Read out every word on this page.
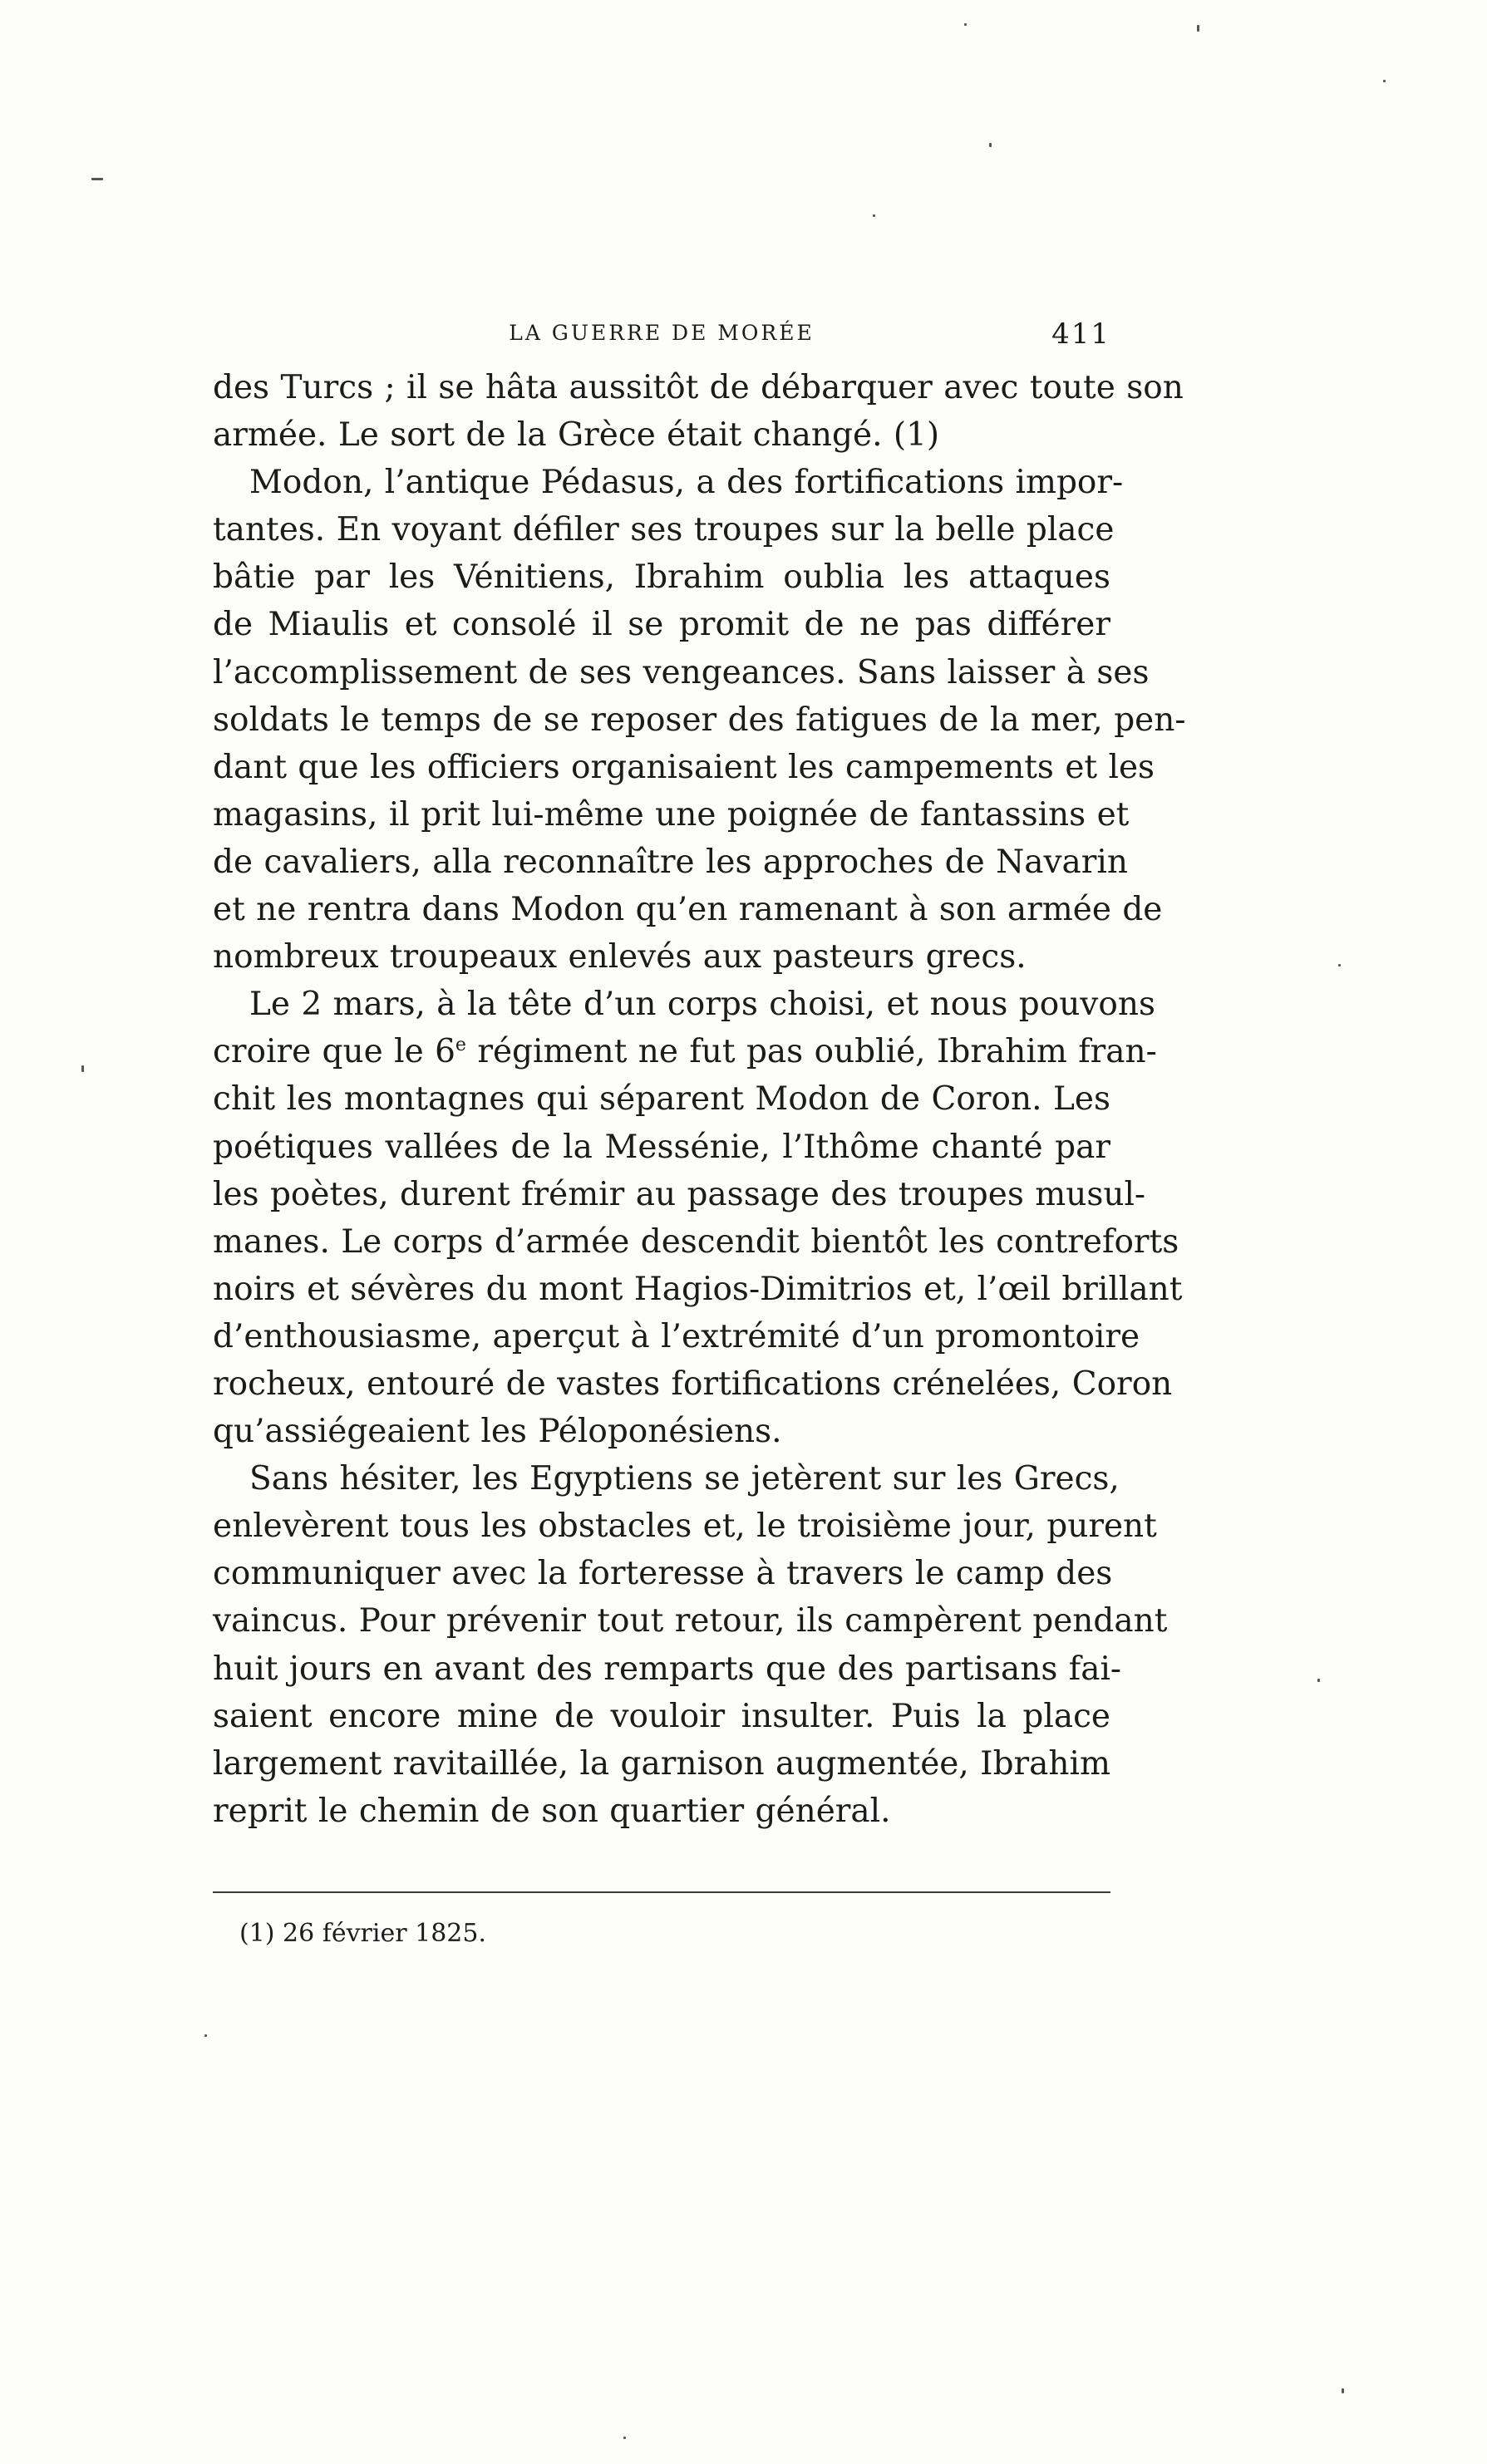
LA GUERRE DE MORÉE	411
des Turcs ; il se hâta aussitôt de débarquer avec toute son
armée. Le sort de la Grèce était changé. (1)
Modon, l’antique Pédasus, a des fortifications impor-
tantes. En voyant défiler ses troupes sur la belle place
bâtie par les Vénitiens, Ibrahim oublia les attaques
de Miaulis et consolé il se promit de ne pas différer
l’accomplissement de ses vengeances. Sans laisser à ses
soldats le temps de se reposer des fatigues de la mer, pen-
dant que les officiers organisaient les campements et les
magasins, il prit lui-même une poignée de fantassins et
de cavaliers, alla reconnaître les approches de Navarin
et ne rentra dans Modon qu’en ramenant à son armée de
nombreux troupeaux enlevés aux pasteurs grecs.
Le 2 mars, à la tête d’un corps choisi, et nous pouvons
croire que le 6e régiment ne fut pas oublié, Ibrahim fran-
chit les montagnes qui séparent Modon de Coron. Les
poétiques vallées de la Messénie, l’Ithôme chanté par
les poètes, durent frémir au passage des troupes musul-
manes. Le corps d’armée descendit bientôt les contreforts
noirs et sévères du mont Hagios-Dimitrios et, l’œil brillant
d’enthousiasme, aperçut à l’extrémité d’un promontoire
rocheux, entouré de vastes fortifications crénelées, Coron
qu’assiégeaient les Péloponésiens.
Sans hésiter, les Egyptiens se jetèrent sur les Grecs,
enlevèrent tous les obstacles et, le troisième jour, purent
communiquer avec la forteresse à travers le camp des
vaincus. Pour prévenir tout retour, ils campèrent pendant
huit jours en avant des remparts que des partisans fai-
saient encore mine de vouloir insulter. Puis la place
largement ravitaillée, la garnison augmentée, Ibrahim
reprit le chemin de son quartier général.
(1) 26 février 1825.
